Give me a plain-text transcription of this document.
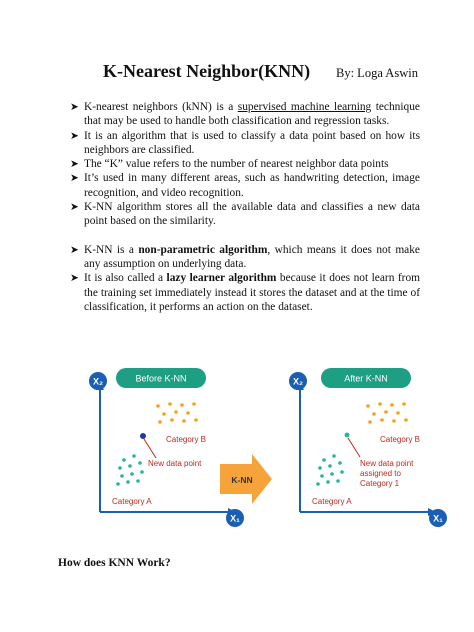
K-Nearest Neighbor(KNN) By: Loga Aswin
➤ K-nearest neighbors (kNN) is a supervised machine learning technique that may be used to handle both classification and regression tasks.
➤ It is an algorithm that is used to classify a data point based on how its neighbors are classified.
➤ The “K” value refers to the number of nearest neighbor data points
➤ It’s used in many different areas, such as handwriting detection, image recognition, and video recognition.
➤ K-NN algorithm stores all the available data and classifies a new data point based on the similarity.
➤ K-NN is a non-parametric algorithm, which means it does not make any assumption on underlying data.
➤ It is also called a lazy learner algorithm because it does not learn from the training set immediately instead it stores the dataset and at the time of classification, it performs an action on the dataset.
Before K-NN
X₂
X₁
Category B
Category A
New data point
K-NN
After K-NN
X₂
X₁
Category B
Category A
New data point
assigned to
Category 1
How does KNN Work?
